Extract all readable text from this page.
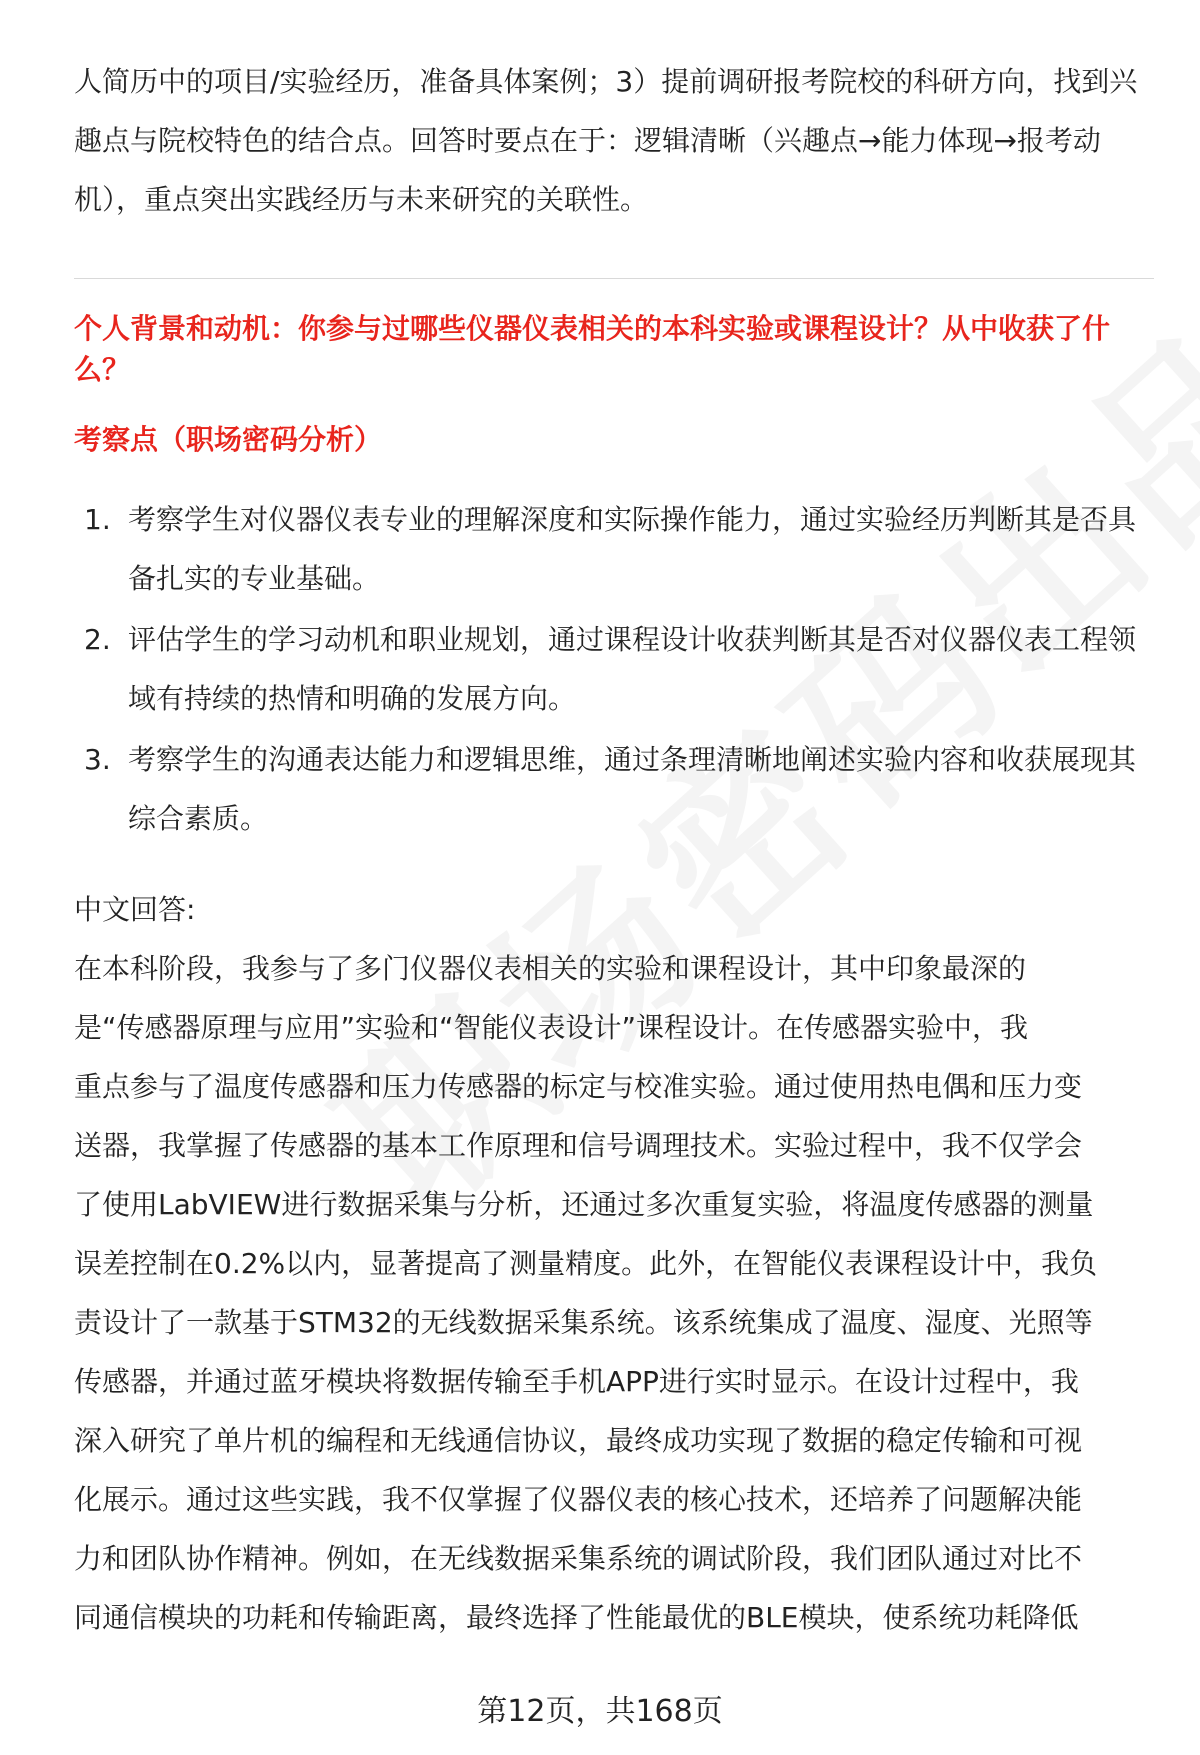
人简历中的项目/实验经历，准备具体案例；3）提前调研报考院校的科研方向，找到兴趣点与院校特色的结合点。回答时要点在于：逻辑清晰（兴趣点→能力体现→报考动机），重点突出实践经历与未来研究的关联性。

个人背景和动机：你参与过哪些仪器仪表相关的本科实验或课程设计？从中收获了什么？

考察点（职场密码分析）

1. 考察学生对仪器仪表专业的理解深度和实际操作能力，通过实验经历判断其是否具备扎实的专业基础。
2. 评估学生的学习动机和职业规划，通过课程设计收获判断其是否对仪器仪表工程领域有持续的热情和明确的发展方向。
3. 考察学生的沟通表达能力和逻辑思维，通过条理清晰地阐述实验内容和收获展现其综合素质。

中文回答:

在本科阶段，我参与了多门仪器仪表相关的实验和课程设计，其中印象最深的
是“传感器原理与应用”实验和“智能仪表设计”课程设计。在传感器实验中，我
重点参与了温度传感器和压力传感器的标定与校准实验。通过使用热电偶和压力变
送器，我掌握了传感器的基本工作原理和信号调理技术。实验过程中，我不仅学会
了使用LabVIEW进行数据采集与分析，还通过多次重复实验，将温度传感器的测量
误差控制在0.2%以内，显著提高了测量精度。此外，在智能仪表课程设计中，我负
责设计了一款基于STM32的无线数据采集系统。该系统集成了温度、湿度、光照等
传感器，并通过蓝牙模块将数据传输至手机APP进行实时显示。在设计过程中，我
深入研究了单片机的编程和无线通信协议，最终成功实现了数据的稳定传输和可视
化展示。通过这些实践，我不仅掌握了仪器仪表的核心技术，还培养了问题解决能
力和团队协作精神。例如，在无线数据采集系统的调试阶段，我们团队通过对比不
同通信模块的功耗和传输距离，最终选择了性能最优的BLE模块，使系统功耗降低
第12页，共168页
